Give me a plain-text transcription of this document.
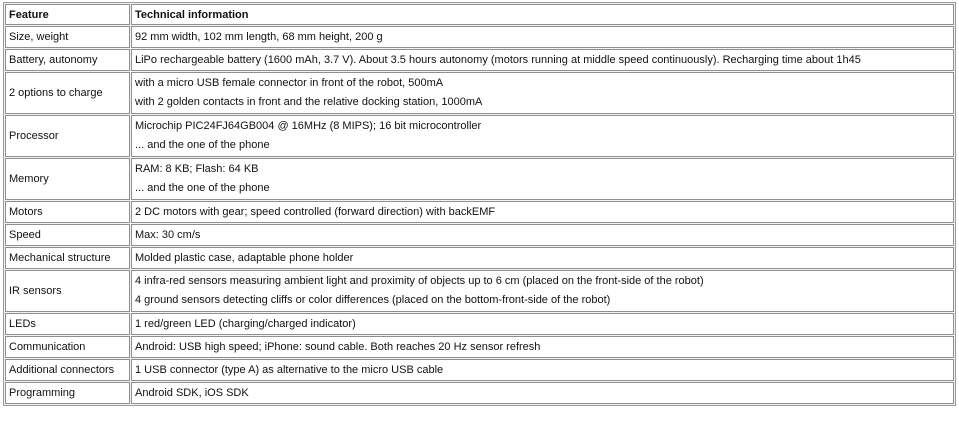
Feature	Technical information
Size, weight	92 mm width, 102 mm length, 68 mm height, 200 g

Battery, autonomy	LiPo rechargeable battery (1600 mAh, 3.7 V). About 3.5 hours autonomy (motors running at middle speed continuously). Recharging time about 1h45

2 options to charge	with a micro USB female connector in front of the robot, 500mA
with 2 golden contacts in front and the relative docking station, 1000mA

Processor	Microchip PIC24FJ64GB004 @ 16MHz (8 MIPS); 16 bit microcontroller
... and the one of the phone

Memory	RAM: 8 KB; Flash: 64 KB
... and the one of the phone

Motors	2 DC motors with gear; speed controlled (forward direction) with backEMF

Speed	Max: 30 cm/s

Mechanical structure	Molded plastic case, adaptable phone holder

IR sensors	4 infra-red sensors measuring ambient light and proximity of objects up to 6 cm (placed on the front-side of the robot)
4 ground sensors detecting cliffs or color differences (placed on the bottom-front-side of the robot)

LEDs	1 red/green LED (charging/charged indicator)

Communication	Android: USB high speed; iPhone: sound cable. Both reaches 20 Hz sensor refresh

Additional connectors	1 USB connector (type A) as alternative to the micro USB cable

Programming	Android SDK, iOS SDK
